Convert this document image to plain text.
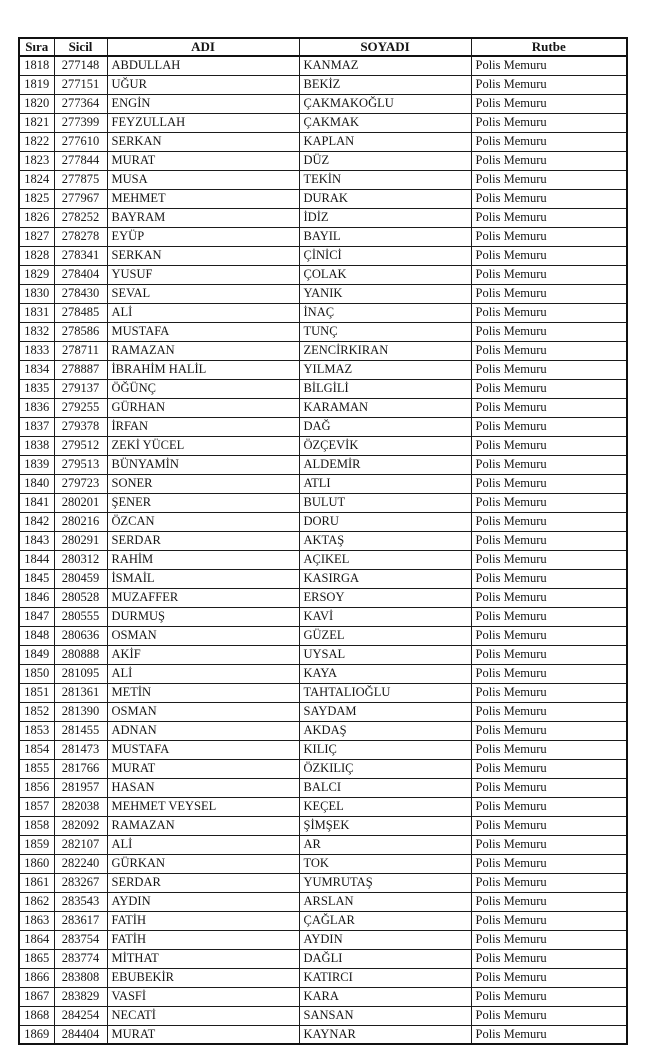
Sıra	Sicil	ADI	SOYADI	Rutbe
1818	277148	ABDULLAH	KANMAZ	Polis Memuru
1819	277151	UĞUR	BEKİZ	Polis Memuru
1820	277364	ENGİN	ÇAKMAKOĞLU	Polis Memuru
1821	277399	FEYZULLAH	ÇAKMAK	Polis Memuru
1822	277610	SERKAN	KAPLAN	Polis Memuru
1823	277844	MURAT	DÜZ	Polis Memuru
1824	277875	MUSA	TEKİN	Polis Memuru
1825	277967	MEHMET	DURAK	Polis Memuru
1826	278252	BAYRAM	İDİZ	Polis Memuru
1827	278278	EYÜP	BAYIL	Polis Memuru
1828	278341	SERKAN	ÇİNİCİ	Polis Memuru
1829	278404	YUSUF	ÇOLAK	Polis Memuru
1830	278430	SEVAL	YANIK	Polis Memuru
1831	278485	ALİ	İNAÇ	Polis Memuru
1832	278586	MUSTAFA	TUNÇ	Polis Memuru
1833	278711	RAMAZAN	ZENCİRKIRAN	Polis Memuru
1834	278887	İBRAHİM HALİL	YILMAZ	Polis Memuru
1835	279137	ÖĞÜNÇ	BİLGİLİ	Polis Memuru
1836	279255	GÜRHAN	KARAMAN	Polis Memuru
1837	279378	İRFAN	DAĞ	Polis Memuru
1838	279512	ZEKİ YÜCEL	ÖZÇEVİK	Polis Memuru
1839	279513	BÜNYAMİN	ALDEMİR	Polis Memuru
1840	279723	SONER	ATLI	Polis Memuru
1841	280201	ŞENER	BULUT	Polis Memuru
1842	280216	ÖZCAN	DORU	Polis Memuru
1843	280291	SERDAR	AKTAŞ	Polis Memuru
1844	280312	RAHİM	AÇIKEL	Polis Memuru
1845	280459	İSMAİL	KASIRGA	Polis Memuru
1846	280528	MUZAFFER	ERSOY	Polis Memuru
1847	280555	DURMUŞ	KAVİ	Polis Memuru
1848	280636	OSMAN	GÜZEL	Polis Memuru
1849	280888	AKİF	UYSAL	Polis Memuru
1850	281095	ALİ	KAYA	Polis Memuru
1851	281361	METİN	TAHTALIOĞLU	Polis Memuru
1852	281390	OSMAN	SAYDAM	Polis Memuru
1853	281455	ADNAN	AKDAŞ	Polis Memuru
1854	281473	MUSTAFA	KILIÇ	Polis Memuru
1855	281766	MURAT	ÖZKILIÇ	Polis Memuru
1856	281957	HASAN	BALCI	Polis Memuru
1857	282038	MEHMET VEYSEL	KEÇEL	Polis Memuru
1858	282092	RAMAZAN	ŞİMŞEK	Polis Memuru
1859	282107	ALİ	AR	Polis Memuru
1860	282240	GÜRKAN	TOK	Polis Memuru
1861	283267	SERDAR	YUMRUTAŞ	Polis Memuru
1862	283543	AYDIN	ARSLAN	Polis Memuru
1863	283617	FATİH	ÇAĞLAR	Polis Memuru
1864	283754	FATİH	AYDIN	Polis Memuru
1865	283774	MİTHAT	DAĞLI	Polis Memuru
1866	283808	EBUBEKİR	KATIRCI	Polis Memuru
1867	283829	VASFİ	KARA	Polis Memuru
1868	284254	NECATİ	SANSAN	Polis Memuru
1869	284404	MURAT	KAYNAR	Polis Memuru
